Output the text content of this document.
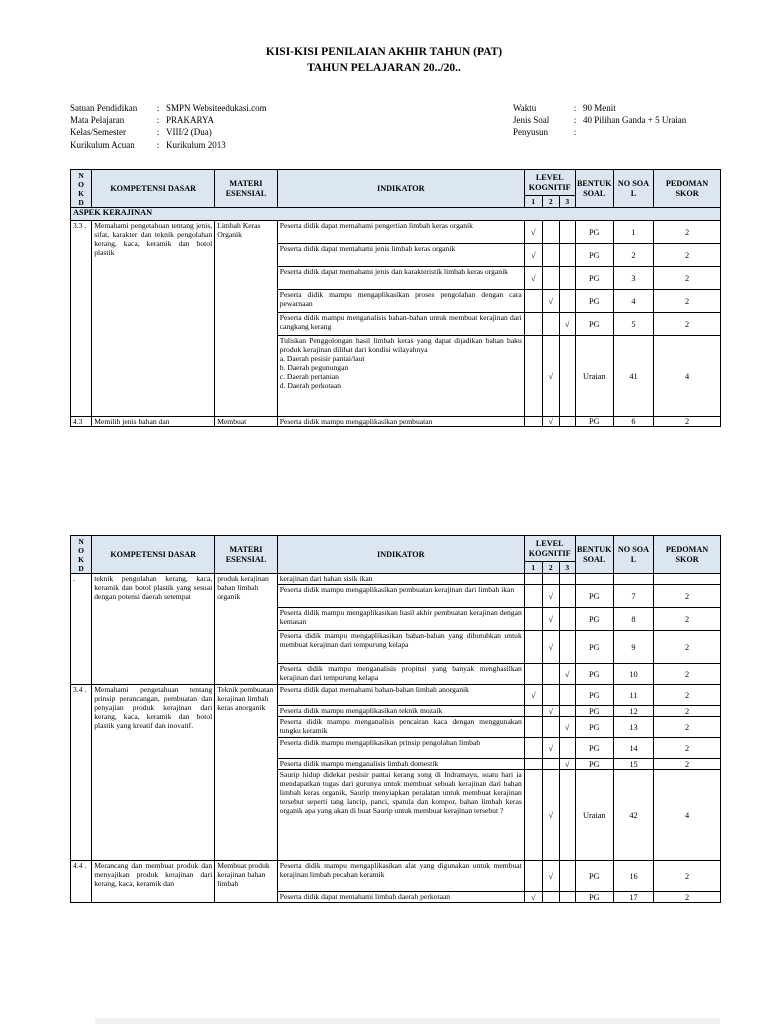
KISI-KISI PENILAIAN AKHIR TAHUN (PAT)
TAHUN PELAJARAN 20../20..
Satuan Pendidikan	: SMPN Websiteedukasi.com
Mata Pelajaran	: PRAKARYA
Kelas/Semester	: VIII/2 (Dua)
Kurikulum Acuan	: Kurikulum 2013
Waktu	: 90 Menit
Jenis Soal	: 40 Pilihan Ganda + 5 Uraian
Penyusun	:
N
O
K
D	KOMPETENSI DASAR	MATERI ESENSIAL	INDIKATOR	LEVEL KOGNITIF			BENTUK SOAL	NO SOA L	PEDOMAN SKOR
				1	2	3			
ASPEK KERAJINAN									
3.3 .	Memahami pengetahuan tentang jenis, sifat, karakter dan teknik pengolahan kerang, kaca, keramik dan botol plastik	Limbah Keras Organik	Peserta didik dapat memahami pengertian limbah keras organik	√			PG	1	2

			Peserta didik dapat memahami jenis limbah keras organik	√			PG	2	2

			Peserta didik dapat memahami jenis dan karakteristik limbah keras organik	√			PG	3	2

			Peserta didik mampu mengaplikasikan proses pengolahan dengan cara pewarnaan		√		PG	4	2

			Peserta didik mampu menganalisis bahan-bahan untuk membuat kerajinan dari cangkang kerang			√	PG	5	2

			Tuliskan Penggolongan hasil limbah keras yang dapat dijadikan bahan baku produk kerajinan dilihat dari kondisi wilayahnya
a. Daerah pesisir pantai/laut
b. Daerah pegunungan
c. Daerah pertanian
d. Daerah perkotaan		√		Uraian	41	4
4.3	Memilih jenis bahan dan	Membuat	Peserta didik mampu mengaplikasikan pembuatan		√		PG	6	2
N
O
K
D	KOMPETENSI DASAR	MATERI ESENSIAL	INDIKATOR	LEVEL KOGNITIF			BENTUK SOAL	NO SOA L	PEDOMAN SKOR
				1	2	3			
.	teknik pengolahan kerang, kaca, keramik dan botol plastik yang sesuai dengan potensi daerah setempat	produk kerajinan bahan limbah organik	kerajinan dari bahan sisik ikan						

			Peserta didik mampu mengaplikasikan pembuatan kerajinan dari limbah ikan		√		PG	7	2

			Peserta didik mampu mengaplikasikan hasil akhir pembuatan kerajinan dengan kemasan		√		PG	8	2

			Peserta didik mampu mengaplikasikan bahan-bahan yang dibutuhkan untuk membuat kerajinan dari tempurung kelapa		√		PG	9	2

			Peserta didik mampu menganalisis propinsi yang banyak menghasilkan kerajinan dari tempurung kelapa			√	PG	10	2
3.4 .	Memahami pengetahuan tentang prinsip perancangan, pembuatan dan penyajian produk kerajinan dari kerang, kaca, keramik dan botol plastik yang kreatif dan inovatif.	Teknik pembuatan kerajinan limbah keras anorganik	Peserta didik dapat memahami bahan-bahan limbah anorganik	√			PG	11	2

			Peserta didik mampu mengaplikasikan teknik mozaik		√		PG	12	2

			Peserta didik mampu menganalisis pencairan kaca dengan menggunakan tungku keramik			√	PG	13	2

			Peserta didik mampu mengaplikasikan prinsip pengolahan limbah		√		PG	14	2

			Peserta didik mampu menganalisis limbah domestik			√	PG	15	2

			Saurip hidup didekat pesisir pantai kerang song di Indramayu, suatu hari ia mendapatkan tugas dari gurunya untuk membuat sebuah kerajinan dari bahan limbah keras organik, Saurip menyiapkan peralatan untuk membuat kerajinan tersebut seperti tang lancip, panci, spatula dan kompor, bahan limbah keras organik apa yang akan di buat Saurip untuk membuat kerajinan tersebut ?		√		Uraian	42	4
4.4 .	Merancang dan membuat produk dan menyajikan produk kerajinan dari kerang, kaca, keramik dan	Membuat produk kerajinan bahan limbah	Peserta didik mampu mengaplikasikan alat yang digunakan untuk membuat kerajinan limbah pecahan keramik		√		PG	16	2

			Peserta didik dapat memahami limbah daerah perkotaan	√			PG	17	2
